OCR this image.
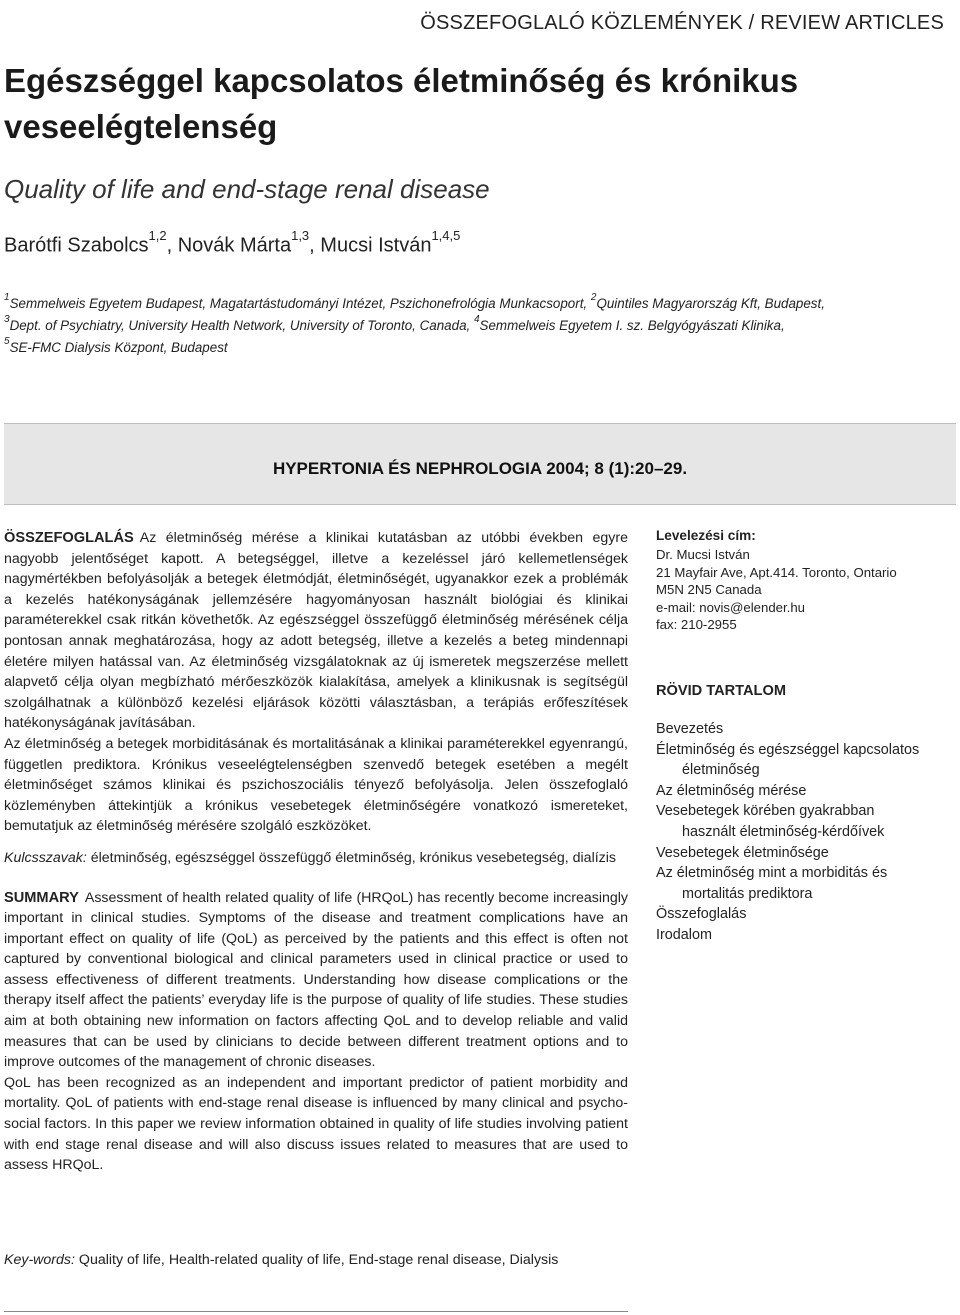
ÖSSZEFOGLALÓ KÖZLEMÉNYEK / REVIEW ARTICLES
Egészséggel kapcsolatos életminőség és krónikus veseelégtelenség
Quality of life and end-stage renal disease
Barótfi Szabolcs$^{1,2}$, Novák Márta$^{1,3}$, Mucsi István$^{1,4,5}$
$^1$Semmelweis Egyetem Budapest, Magatartástudományi Intézet, Pszichonefrológia Munkacsoport, $^2$Quintiles Magyarország Kft, Budapest,
$^3$Dept. of Psychiatry, University Health Network, University of Toronto, Canada, $^4$Semmelweis Egyetem I. sz. Belgyógyászati Klinika,
$^5$SE-FMC Dialysis Központ, Budapest
HYPERTONIA ÉS NEPHROLOGIA 2004; 8 (1):20–29.

ÖSSZEFOGLALÁS Az életminőség mérése a klinikai kutatásban az utóbbi években egyre nagyobb jelentőséget kapott. A betegséggel, illetve a kezeléssel járó kellemetlenségek nagymértékben befolyásolják a betegek életmódját, életminőségét, ugyanakkor ezek a problémák a kezelés hatékonyságának jellemzésére hagyományosan használt biológiai és klinikai paraméterekkel csak ritkán követhetők. Az egészséggel összefüggő életminőség mérésének célja pontosan annak meghatározása, hogy az adott betegség, illetve a kezelés a beteg mindennapi életére milyen hatással van. Az életminőség vizsgálatoknak az új ismeretek megszerzése mellett alapvető célja olyan megbízható mérőeszközök kialakítása, amelyek a klinikusnak is segítségül szolgálhatnak a különböző kezelési eljárások közötti választásban, a terápiás erőfeszítések hatékonyságának javításában.

Az életminőség a betegek morbiditásának és mortalitásának a klinikai paraméterekkel egyenrangú, független prediktora. Krónikus veseelégtelenségben szenvedő betegek esetében a megélt életminőséget számos klinikai és pszichoszociális tényező befolyásolja. Jelen összefoglaló közleményben áttekintjük a krónikus vesebetegek életminőségére vonatkozó ismereteket, bemutatjuk az életminőség mérésére szolgáló eszközöket.

Kulcsszavak: életminőség, egészséggel összefüggő életminőség, krónikus vesebetegség, dialízis

SUMMARY Assessment of health related quality of life (HRQoL) has recently become increasingly important in clinical studies. Symptoms of the disease and treatment complications have an important effect on quality of life (QoL) as perceived by the patients and this effect is often not captured by conventional biological and clinical parameters used in clinical practice or used to assess effectiveness of different treatments. Understanding how disease complications or the therapy itself affect the patients’ everyday life is the purpose of quality of life studies. These studies aim at both obtaining new information on factors affecting QoL and to develop reliable and valid measures that can be used by clinicians to decide between different treatment options and to improve outcomes of the management of chronic diseases.

QoL has been recognized as an independent and important predictor of patient morbidity and mortality. QoL of patients with end-stage renal disease is influenced by many clinical and psycho-social factors. In this paper we review information obtained in quality of life studies involving patient with end stage renal disease and will also discuss issues related to measures that are used to assess HRQoL.

Key-words: Quality of life, Health-related quality of life, End-stage renal disease, Dialysis
Levelezési cím:
Dr. Mucsi István
21 Mayfair Ave, Apt.414. Toronto, Ontario
M5N 2N5 Canada
e-mail: novis@elender.hu
fax: 210-2955
RÖVID TARTALOM
Bevezetés
Életminőség és egészséggel kapcsolatos
életminőség
Az életminőség mérése
Vesebetegek körében gyakrabban
használt életminőség-kérdőívek
Vesebetegek életminősége
Az életminőség mint a morbiditás és
mortalitás prediktora
Összefoglalás
Irodalom
